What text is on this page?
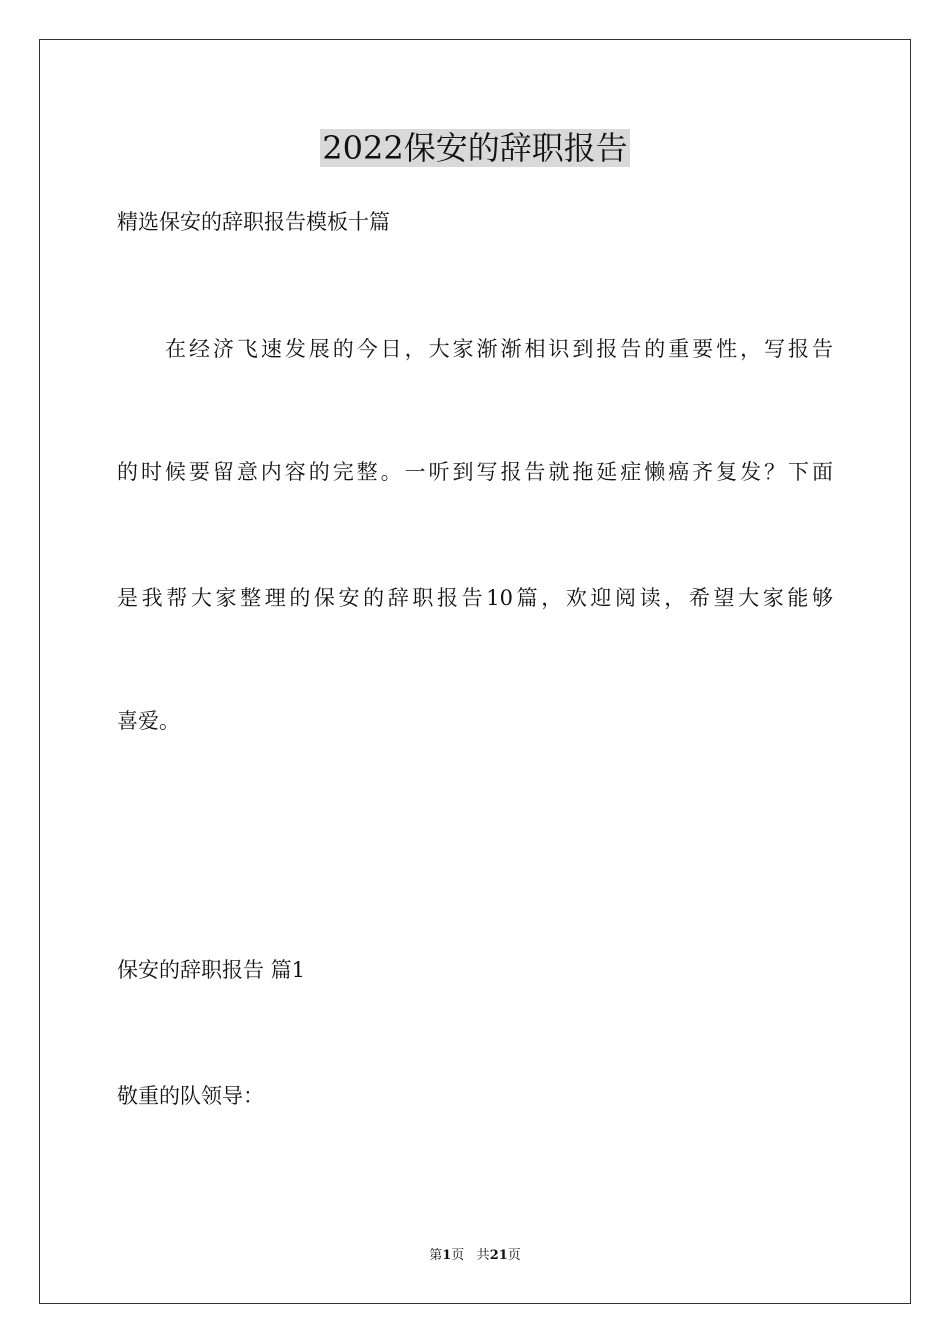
2022保安的辞职报告
精选保安的辞职报告模板十篇
在经济飞速发展的今日，大家渐渐相识到报告的重要性，写报告
的时候要留意内容的完整。一听到写报告就拖延症懒癌齐复发？下面
是我帮大家整理的保安的辞职报告10篇，欢迎阅读，希望大家能够
喜爱。
保安的辞职报告 篇1
敬重的队领导：
第1页 共21页
